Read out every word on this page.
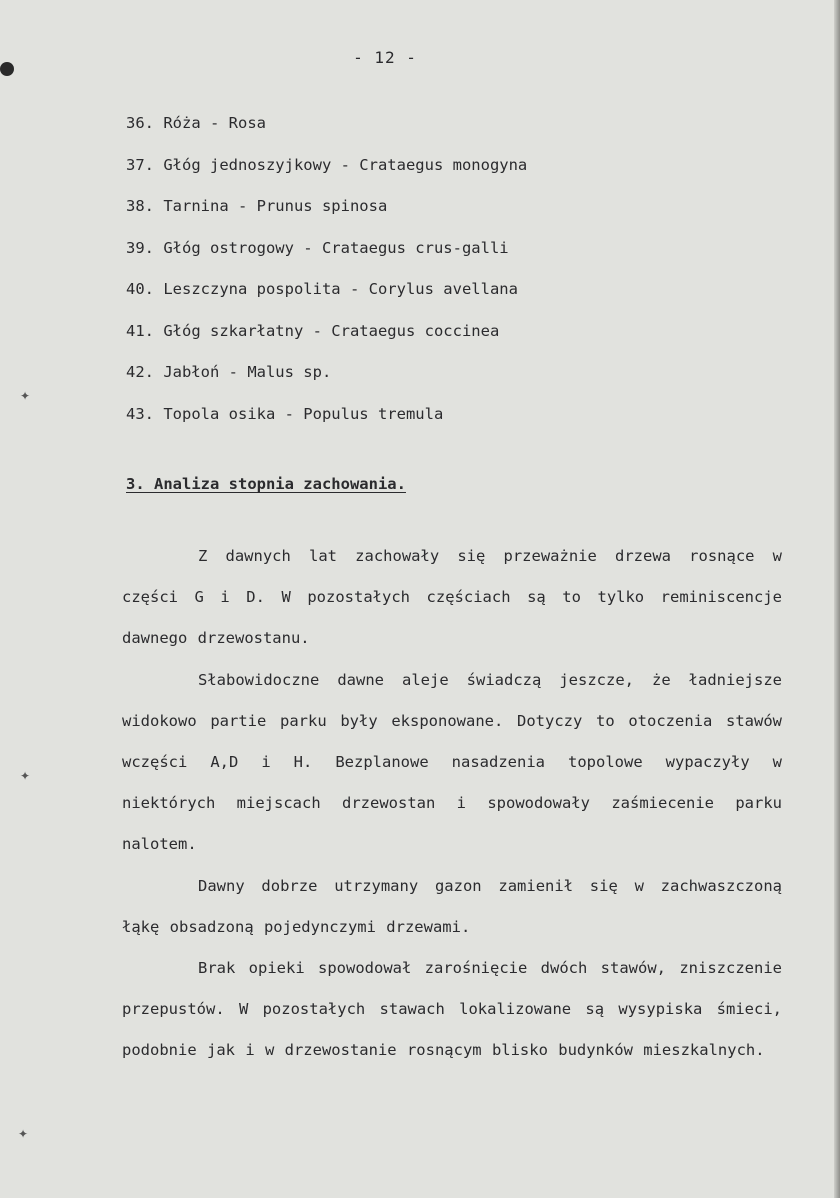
✦
✦
✦
- 12 -
36. Róża - Rosa
37. Głóg jednoszyjkowy - Crataegus monogyna
38. Tarnina - Prunus spinosa
39. Głóg ostrogowy - Crataegus crus-galli
40. Leszczyna pospolita - Corylus avellana
41. Głóg szkarłatny - Crataegus coccinea
42. Jabłoń - Malus sp.
43. Topola osika - Populus tremula
3. Analiza stopnia zachowania.

Z dawnych lat zachowały się przeważnie drzewa rosnące w części G i D. W pozostałych częściach są to tylko reminiscencje dawnego drzewostanu.

Słabowidoczne dawne aleje świadczą jeszcze, że ładniejsze widokowo partie parku były eksponowane. Dotyczy to otoczenia stawów wczęści A,D i H. Bezplanowe nasadzenia topolowe wypaczyły w niektórych miejscach drzewostan i spowodowały zaśmiecenie parku nalotem.

Dawny dobrze utrzymany gazon zamienił się w zachwaszczoną łąkę obsadzoną pojedynczymi drzewami.

Brak opieki spowodował zarośnięcie dwóch stawów, zniszczenie przepustów. W pozostałych stawach lokalizowane są wysypiska śmieci, podobnie jak i w drzewostanie rosnącym blisko budynków mieszkalnych.
